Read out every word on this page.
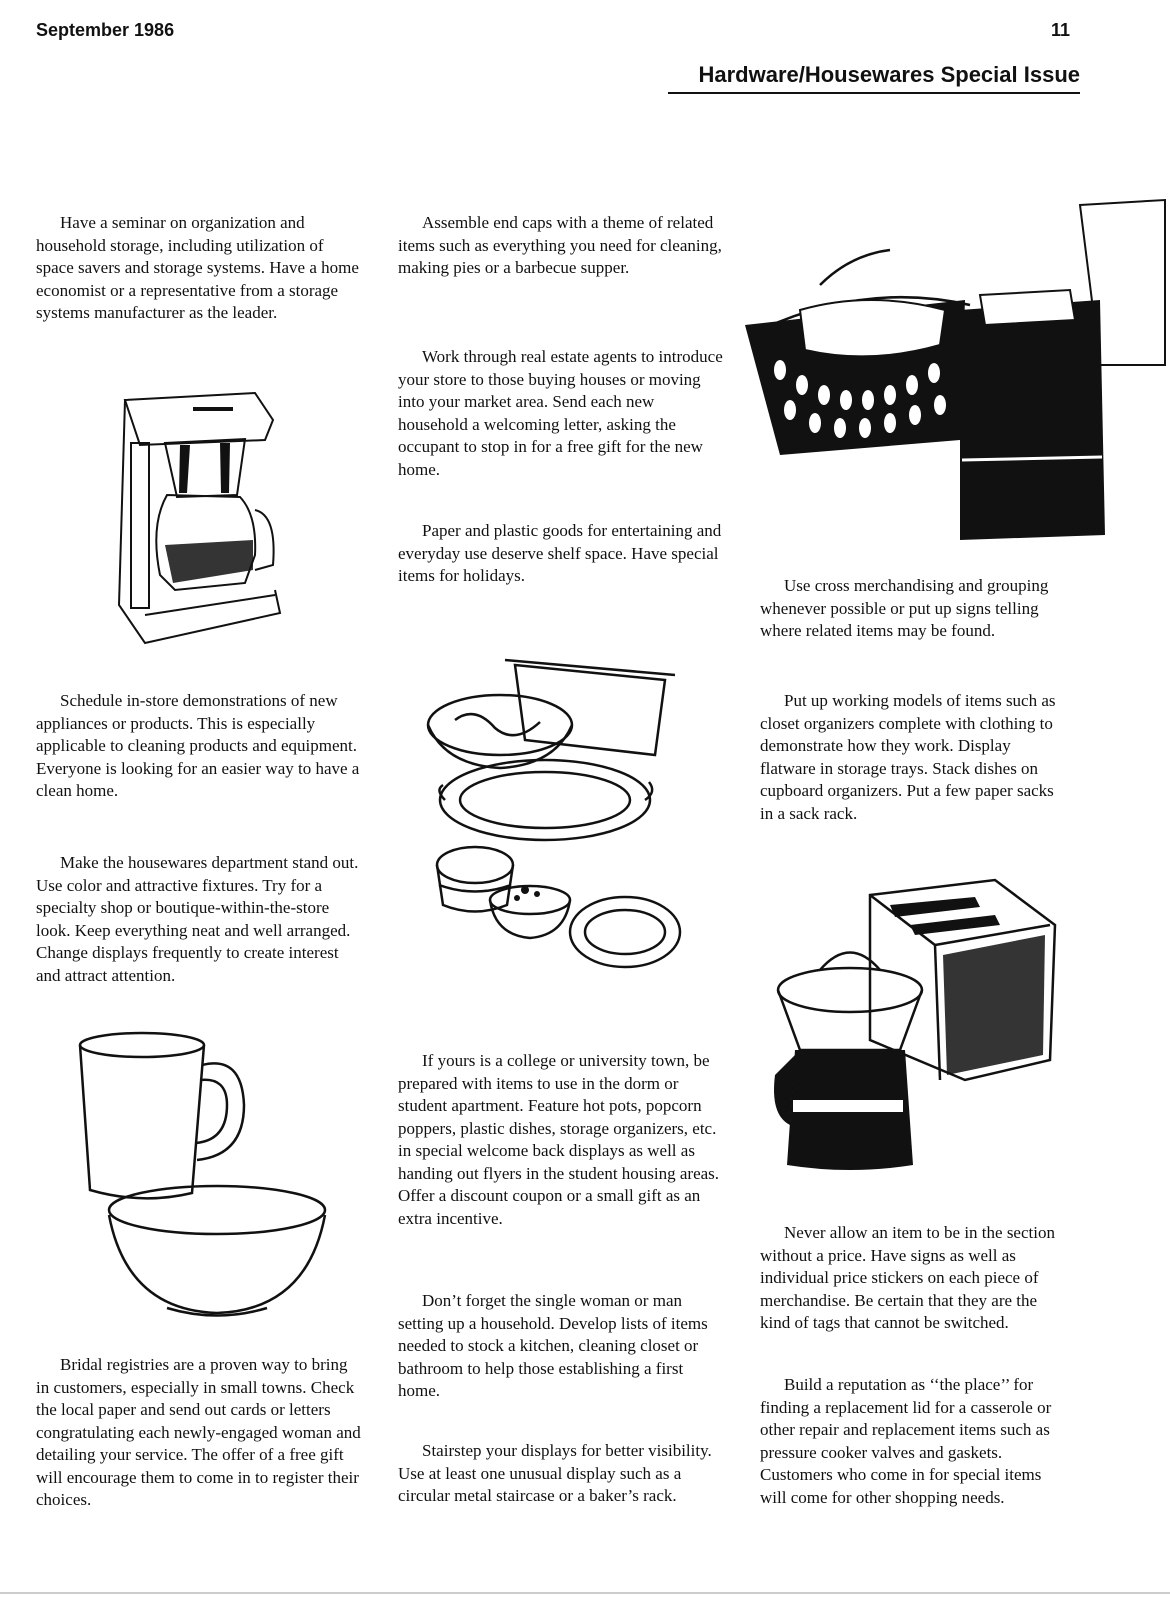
September 1986	11
Hardware/Housewares Special Issue

Have a seminar on organization and household storage, including utilization of space savers and storage systems. Have a home economist or a representative from a storage systems manufacturer as the leader.

Schedule in-store demonstrations of new appliances or products. This is especially applicable to cleaning products and equipment. Everyone is looking for an easier way to have a clean home.

Make the housewares department stand out. Use color and attractive fixtures. Try for a specialty shop or boutique-within-the-store look. Keep everything neat and well arranged. Change displays frequently to create interest and attract attention.

Bridal registries are a proven way to bring in customers, especially in small towns. Check the local paper and send out cards or letters congratulating each newly-engaged woman and detailing your service. The offer of a free gift will encourage them to come in to register their choices.

Assemble end caps with a theme of related items such as everything you need for cleaning, making pies or a barbecue supper.

Work through real estate agents to introduce your store to those buying houses or moving into your market area. Send each new household a welcoming letter, asking the occupant to stop in for a free gift for the new home.

Paper and plastic goods for entertaining and everyday use deserve shelf space. Have special items for holidays.

If yours is a college or university town, be prepared with items to use in the dorm or student apartment. Feature hot pots, popcorn poppers, plastic dishes, storage organizers, etc. in special welcome back displays as well as handing out flyers in the student housing areas. Offer a discount coupon or a small gift as an extra incentive.

Don’t forget the single woman or man setting up a household. Develop lists of items needed to stock a kitchen, cleaning closet or bathroom to help those establishing a first home.

Stairstep your displays for better visibility. Use at least one unusual display such as a circular metal staircase or a baker’s rack.

Use cross merchandising and grouping whenever possible or put up signs telling where related items may be found.

Put up working models of items such as closet organizers complete with clothing to demonstrate how they work. Display flatware in storage trays. Stack dishes on cupboard organizers. Put a few paper sacks in a sack rack.

Never allow an item to be in the section without a price. Have signs as well as individual price stickers on each piece of merchandise. Be certain that they are the kind of tags that cannot be switched.

Build a reputation as ‘‘the place’’ for finding a replacement lid for a casserole or other repair and replacement items such as pressure cooker valves and gaskets. Customers who come in for special items will come for other shopping needs.
